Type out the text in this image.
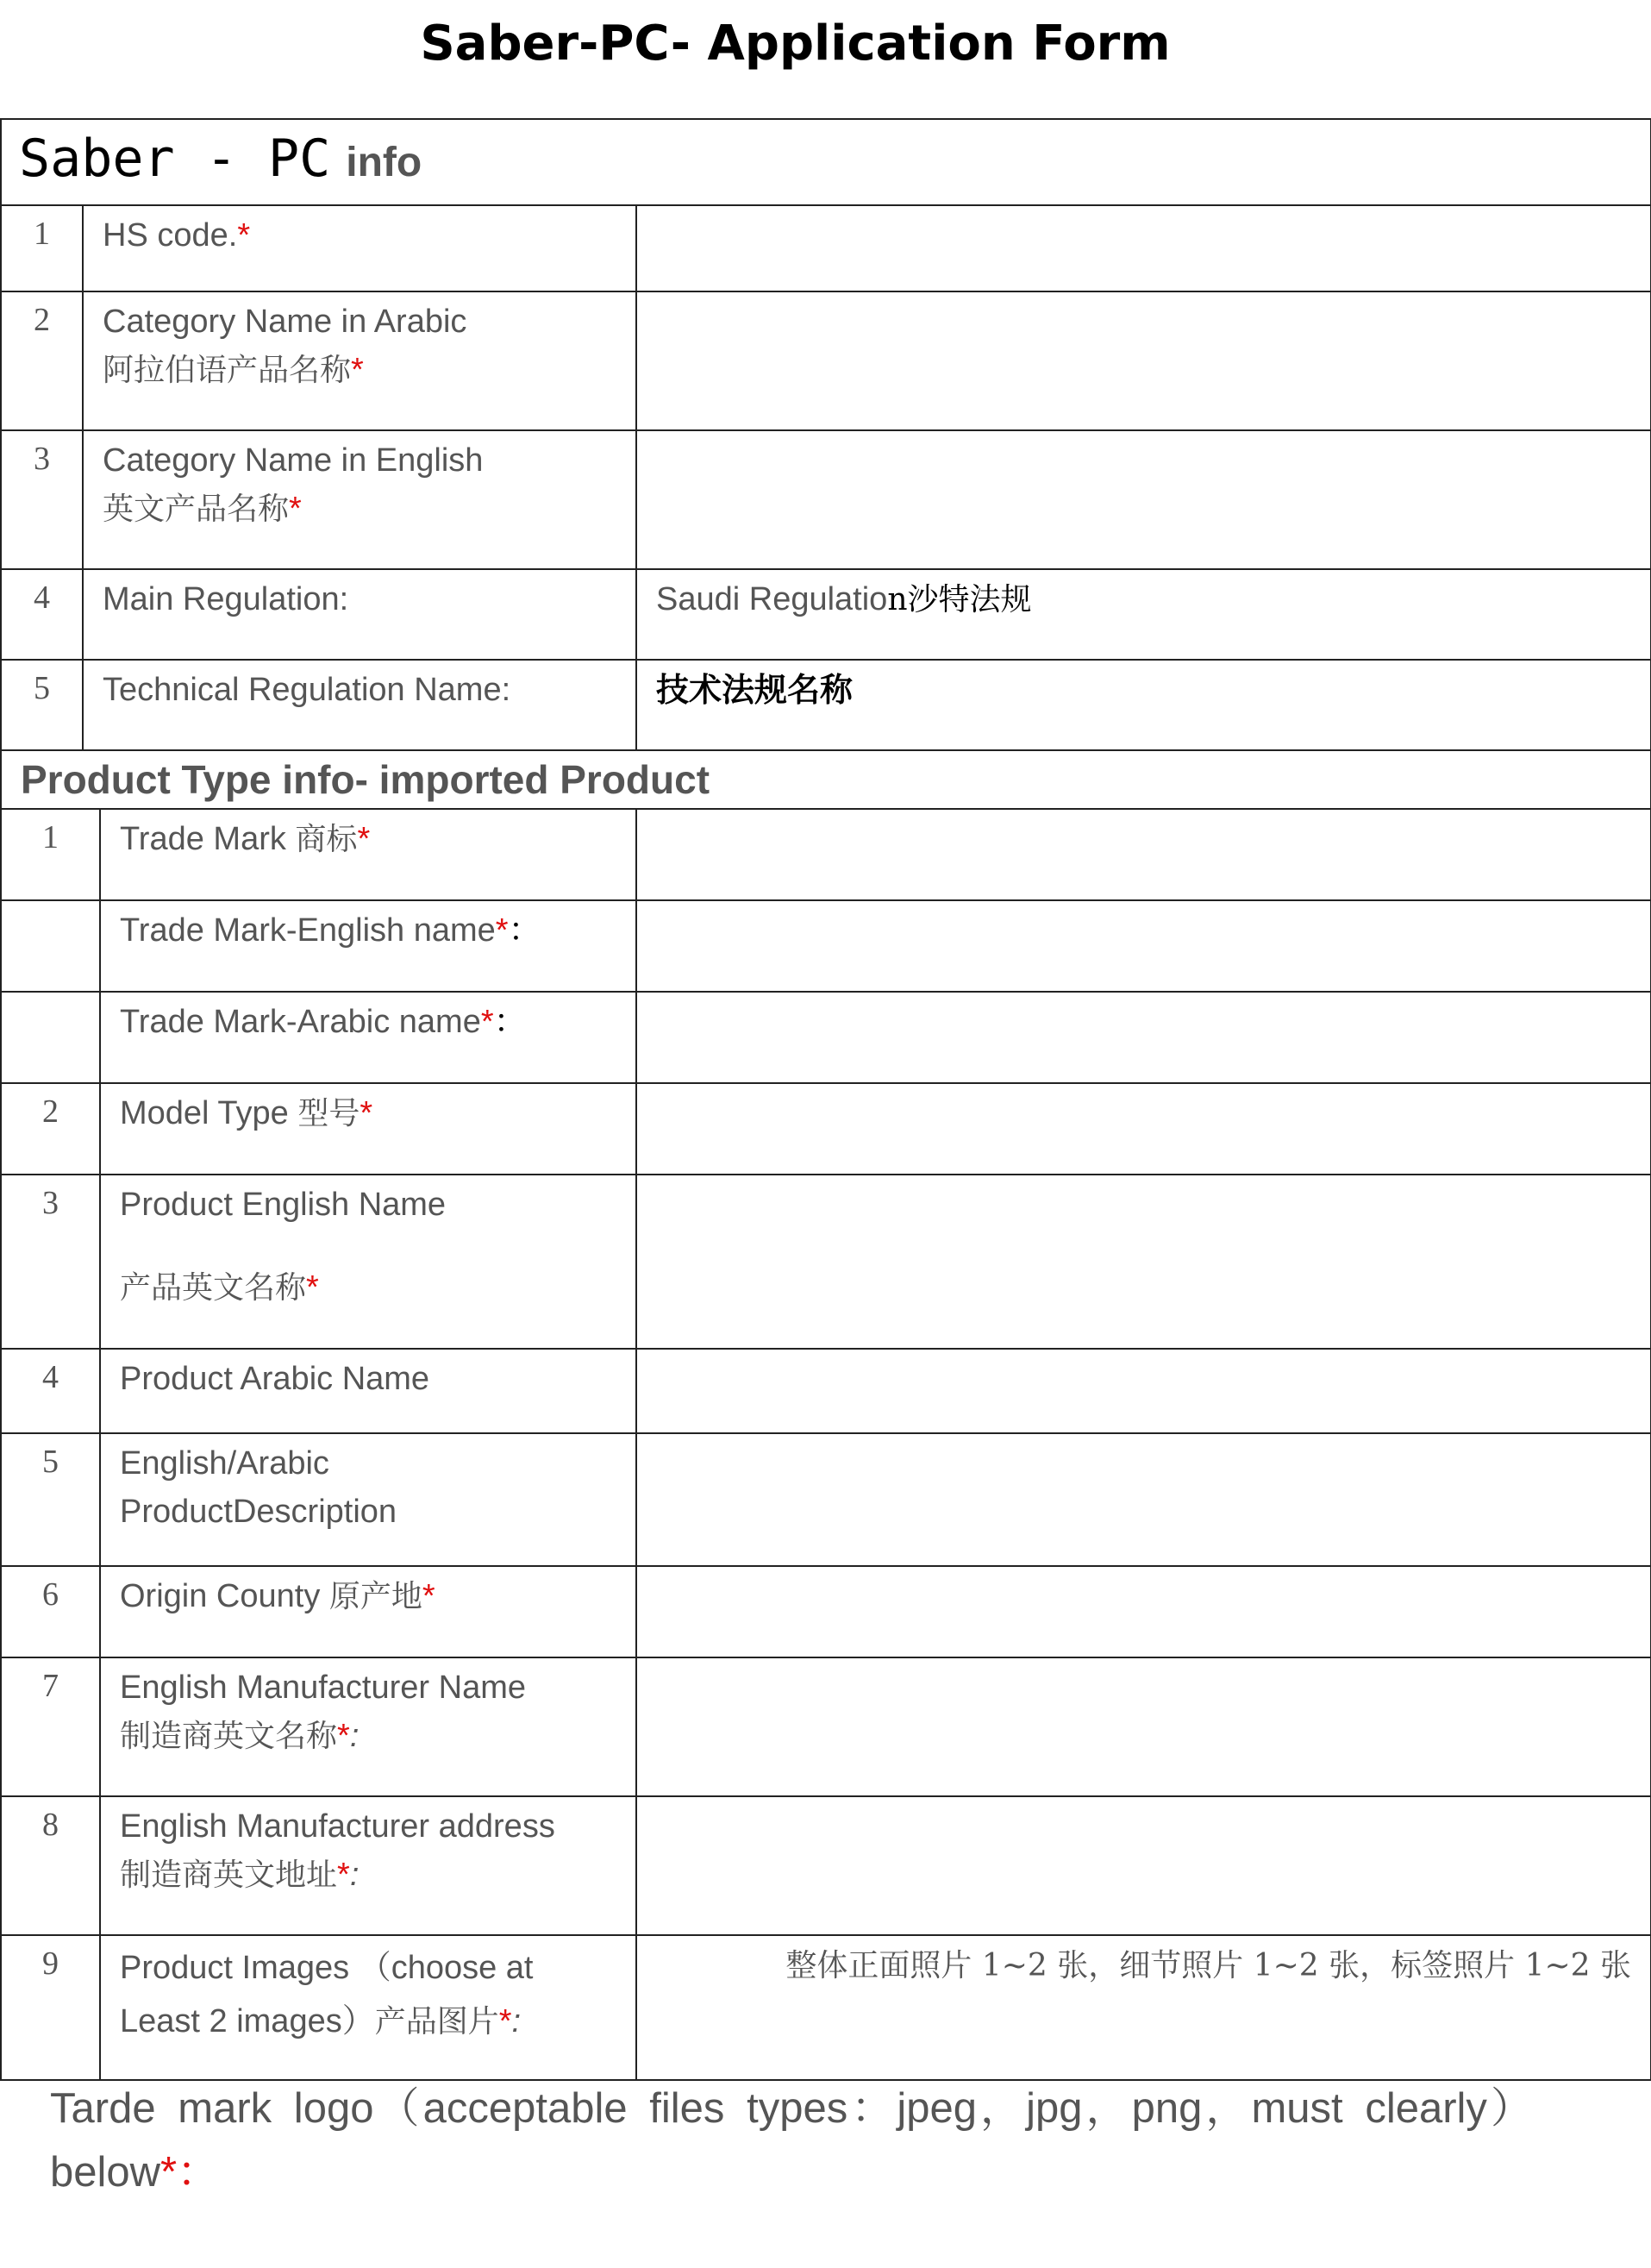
Saber-PC- Application Form
Saber - PC info			
1	HS code.*		
2	Category Name in Arabic
阿拉伯语产品名称*		

3	Category Name in English
英文产品名称*		

4	Main Regulation:		Saudi Regulation沙特法规
5	Technical Regulation Name:		技术法规名称
Product Type info- imported Product			
1		Trade Mark 商标*	
		Trade Mark-English name*：	
		Trade Mark-Arabic name*：	
2		Model Type 型号*	
3		Product English Name
产品英文名称*	

4		Product Arabic Name	
5		English/Arabic
ProductDescription	

6		Origin County 原产地*	
7		English Manufacturer Name
制造商英文名称*:	

8		English Manufacturer address
制造商英文地址*:	

9		Product Images （choose at
Least 2 images）产品图片*:	整体正面照片 1~2 张，细节照片 1~2 张，标签照片 1~2 张
Tarde mark logo（acceptable files types：jpeg，jpg，png，must clearly）below*：
